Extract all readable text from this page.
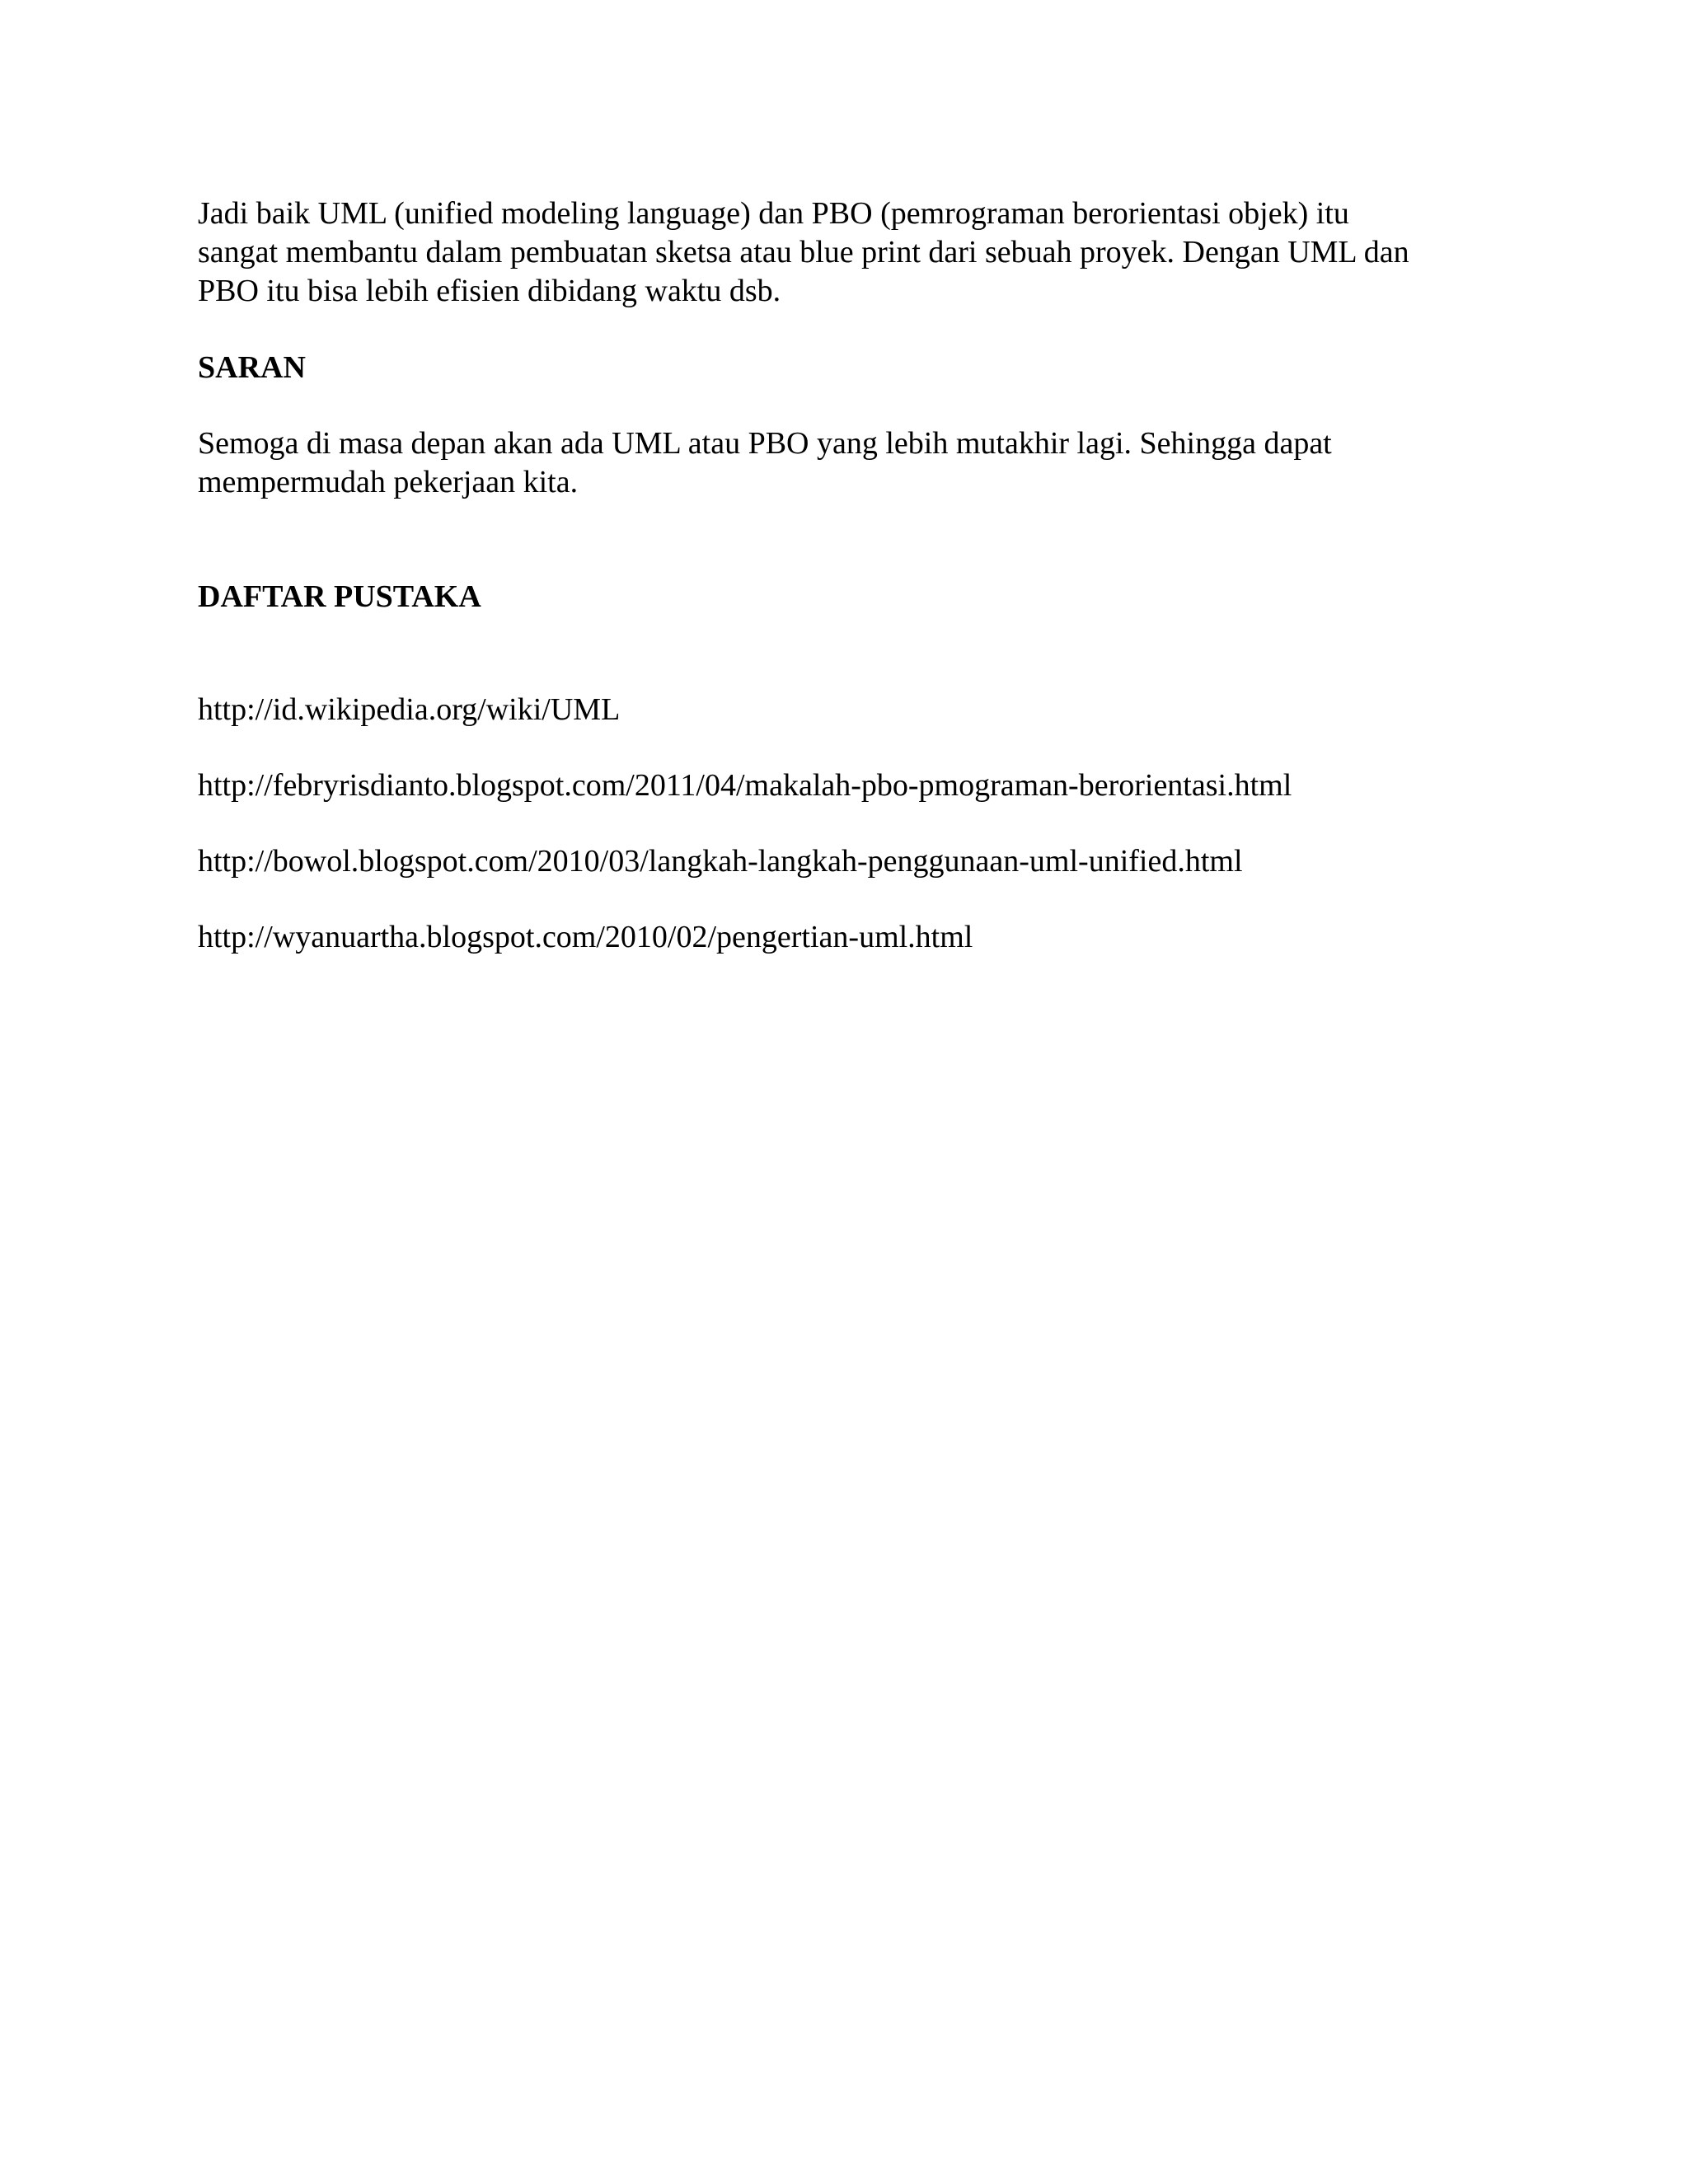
Jadi baik UML (unified modeling language) dan PBO (pemrograman berorientasi objek) itu
sangat membantu dalam pembuatan sketsa atau blue print dari sebuah proyek. Dengan UML dan
PBO itu bisa lebih efisien dibidang waktu dsb.

SARAN

Semoga di masa depan akan ada UML atau PBO yang lebih mutakhir lagi. Sehingga dapat
mempermudah pekerjaan kita.

DAFTAR PUSTAKA

http://id.wikipedia.org/wiki/UML

http://febryrisdianto.blogspot.com/2011/04/makalah-pbo-pmograman-berorientasi.html

http://bowol.blogspot.com/2010/03/langkah-langkah-penggunaan-uml-unified.html

http://wyanuartha.blogspot.com/2010/02/pengertian-uml.html
